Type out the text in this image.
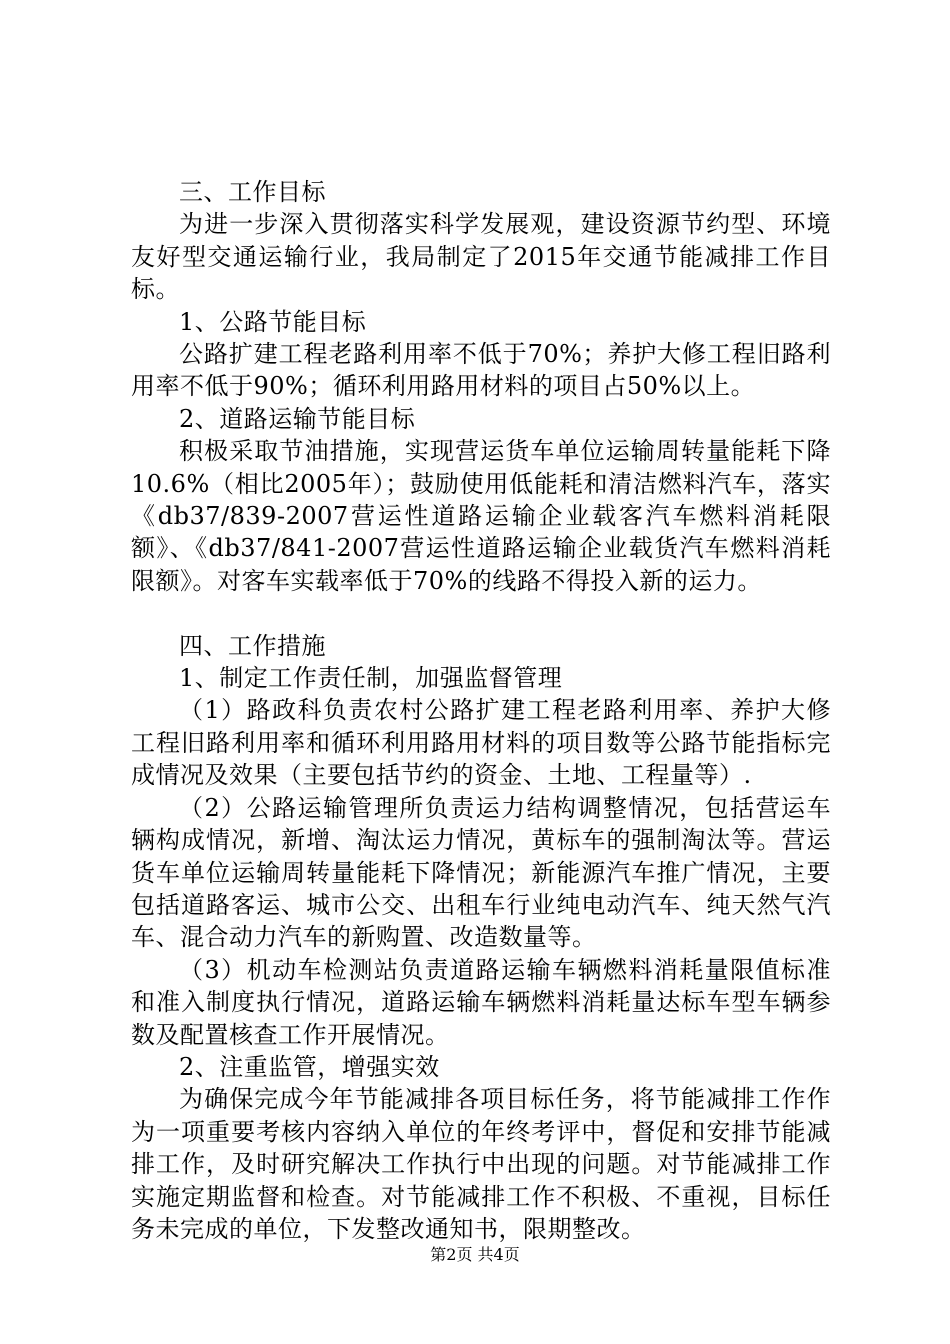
三、工作目标

为进一步深入贯彻落实科学发展观，建设资源节约型、环境友好型交通运输行业，我局制定了2015年交通节能减排工作目标。

1、公路节能目标

公路扩建工程老路利用率不低于70%；养护大修工程旧路利用率不低于90%；循环利用路用材料的项目占50%以上。

2、道路运输节能目标

积极采取节油措施，实现营运货车单位运输周转量能耗下降10.6%（相比2005年）；鼓励使用低能耗和清洁燃料汽车，落实《db37/839-2007营运性道路运输企业载客汽车燃料消耗限额》、《db37/841-2007营运性道路运输企业载货汽车燃料消耗限额》。对客车实载率低于70%的线路不得投入新的运力。

四、工作措施

1、制定工作责任制，加强监督管理

（1）路政科负责农村公路扩建工程老路利用率、养护大修工程旧路利用率和循环利用路用材料的项目数等公路节能指标完成情况及效果（主要包括节约的资金、土地、工程量等）.

（2）公路运输管理所负责运力结构调整情况，包括营运车辆构成情况，新增、淘汰运力情况，黄标车的强制淘汰等。营运货车单位运输周转量能耗下降情况；新能源汽车推广情况，主要包括道路客运、城市公交、出租车行业纯电动汽车、纯天然气汽车、混合动力汽车的新购置、改造数量等。

（3）机动车检测站负责道路运输车辆燃料消耗量限值标准和准入制度执行情况，道路运输车辆燃料消耗量达标车型车辆参数及配置核查工作开展情况。

2、注重监管，增强实效

为确保完成今年节能减排各项目标任务，将节能减排工作作为一项重要考核内容纳入单位的年终考评中，督促和安排节能减排工作，及时研究解决工作执行中出现的问题。对节能减排工作实施定期监督和检查。对节能减排工作不积极、不重视，目标任务未完成的单位，下发整改通知书，限期整改。

第2页 共4页
